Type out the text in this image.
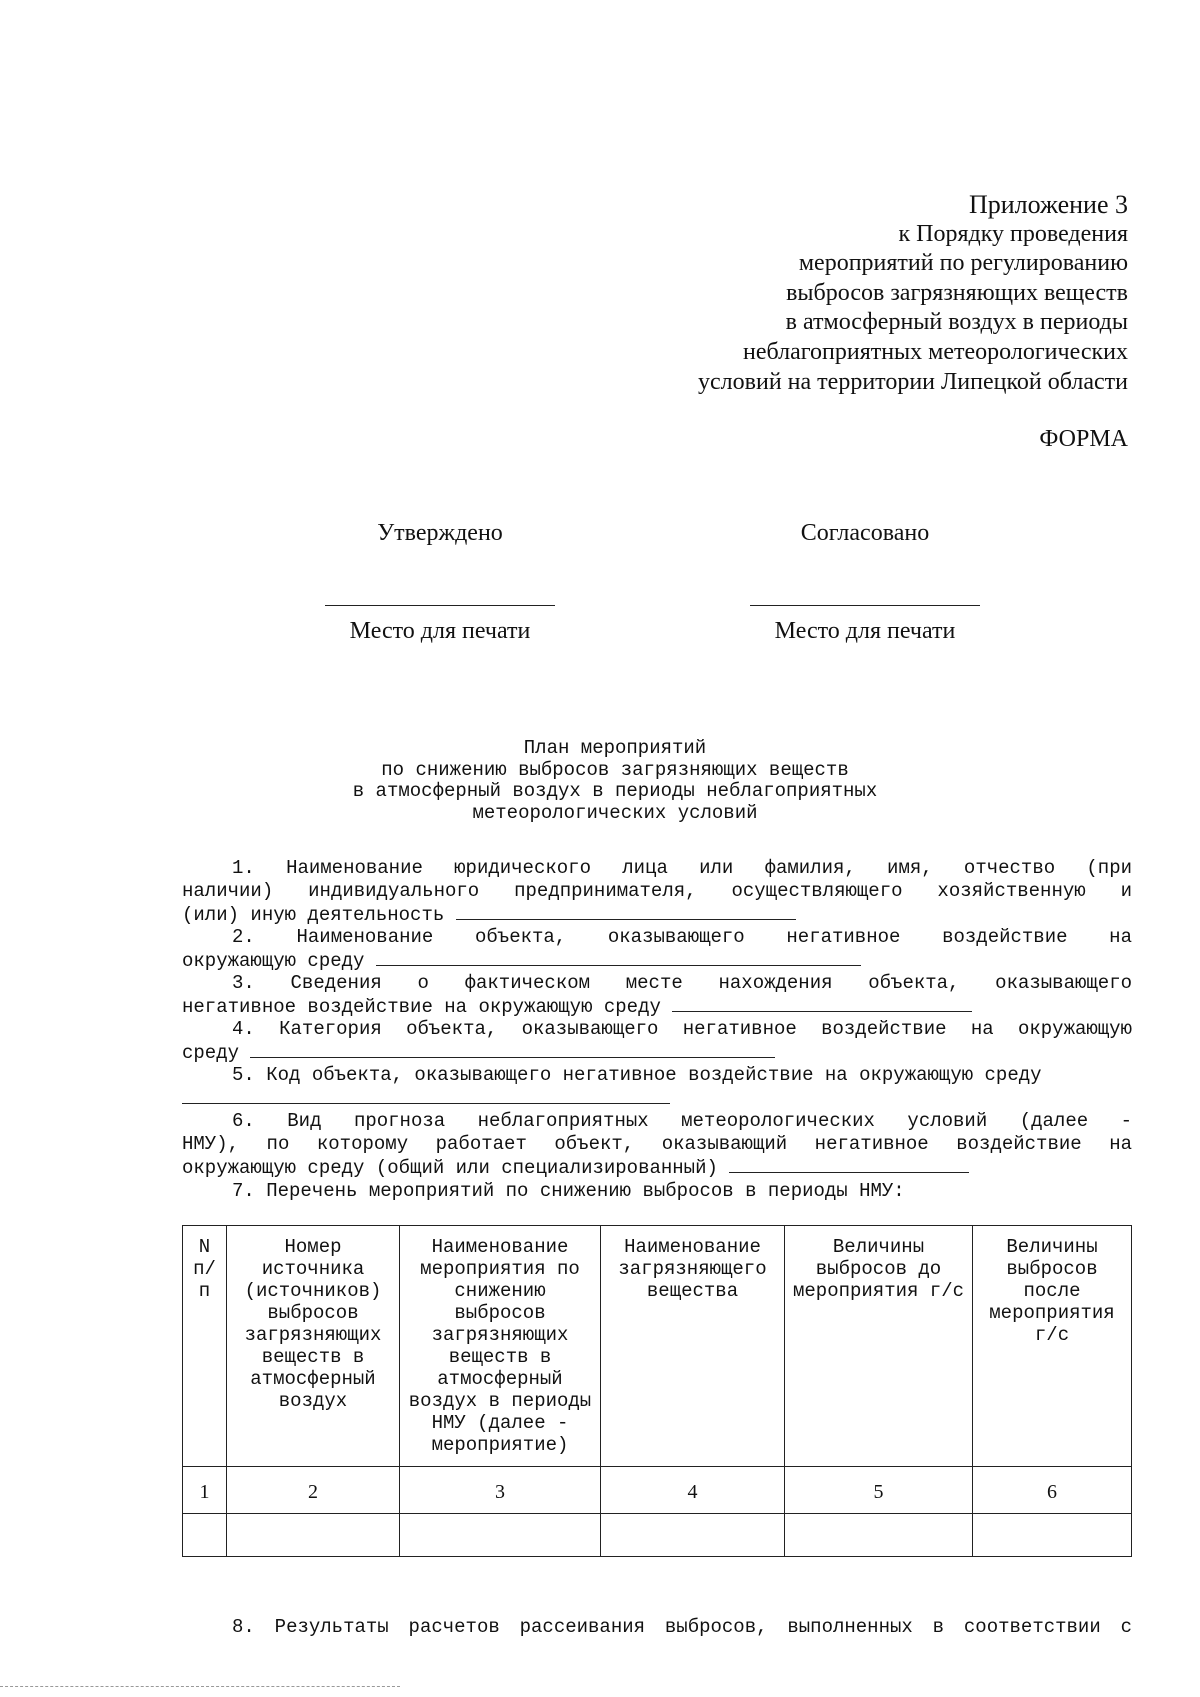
Приложение 3
к Порядку проведения
мероприятий по регулированию
выбросов загрязняющих веществ
в атмосферный воздух в периоды
неблагоприятных метеорологических
условий на территории Липецкой области
ФОРМА
Утверждено
Место для печати
Согласовано
Место для печати
План мероприятий
по снижению выбросов загрязняющих веществ
в атмосферный воздух в периоды неблагоприятных
метеорологических условий
1. Наименование юридического лица или фамилия, имя, отчество (при
наличии) индивидуального предпринимателя, осуществляющего хозяйственную и
(или) иную деятельность
2. Наименование объекта, оказывающего негативное воздействие на
окружающую среду
3. Сведения о фактическом месте нахождения объекта, оказывающего
негативное воздействие на окружающую среду
4. Категория объекта, оказывающего негативное воздействие на окружающую
среду
5. Код объекта, оказывающего негативное воздействие на окружающую среду
6. Вид прогноза неблагоприятных метеорологических условий (далее -
НМУ), по которому работает объект, оказывающий негативное воздействие на
окружающую среду (общий или специализированный)
7. Перечень мероприятий по снижению выбросов в периоды НМУ:
N п/ п	Номер источника (источников) выбросов загрязняющих веществ в атмосферный воздух	Наименование мероприятия по снижению выбросов загрязняющих веществ в атмосферный воздух в периоды НМУ (далее - мероприятие)	Наименование загрязняющего вещества	Величины выбросов до мероприятия г/с	Величины выбросов после мероприятия г/с
1	2	3	4	5	6

8. Результаты расчетов рассеивания выбросов, выполненных в соответствии с
